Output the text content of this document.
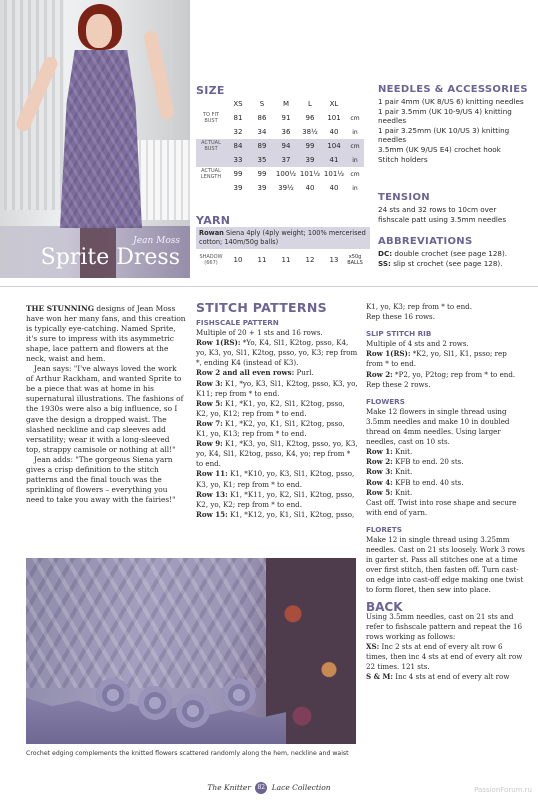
Jean Moss
Sprite Dress
SIZE
	XS	S	M	L	XL	
TO FIT BUST	81	86	91	96	101	cm
	32	34	36	38½	40	in
ACTUAL BUST	84	89	94	99	104	cm
	33	35	37	39	41	in
ACTUAL LENGTH	99	99	100½	101½	101½	cm
	39	39	39½	40	40	in
YARN
Rowan Siena 4ply (4ply weight; 100% mercerised cotton; 140m/50g balls)
SHADOW (667)	10	11	11	12	13	x50g BALLS
NEEDLES & ACCESSORIES
1 pair 4mm (UK 8/US 6) knitting needles
1 pair 3.5mm (UK 10-9/US 4) knitting needles
1 pair 3.25mm (UK 10/US 3) knitting needles
3.5mm (UK 9/US E4) crochet hook
Stitch holders
TENSION
24 sts and 32 rows to 10cm over fishscale patt using 3.5mm needles
ABBREVIATIONS
DC: double crochet (see page 128).
SS: slip st crochet (see page 128).

THE STUNNING designs of Jean Moss have won her many fans, and this creation is typically eye-catching. Named Sprite, it's sure to impress with its asymmetric shape, lace pattern and flowers at the neck, waist and hem.

Jean says: "I've always loved the work of Arthur Rackham, and wanted Sprite to be a piece that was at home in his supernatural illustrations. The fashions of the 1930s were also a big influence, so I gave the design a dropped waist. The slashed neckline and cap sleeves add versatility; wear it with a long-sleeved top, strappy camisole or nothing at all!"

Jean adds: "The gorgeous Siena yarn gives a crisp definition to the stitch patterns and the final touch was the sprinkling of flowers – everything you need to take you away with the fairies!"

STITCH PATTERNS
FISHSCALE PATTERN
Multiple of 20 + 1 sts and 16 rows.
Row 1(RS): *Yo, K4, Sl1, K2tog, psso, K4, yo, K3, yo, Sl1, K2tog, psso, yo, K3; rep from *, ending K4 (instead of K3).
Row 2 and all even rows: Purl.
Row 3: K1, *yo, K3, Sl1, K2tog, psso, K3, yo, K11; rep from * to end.
Row 5: K1, *K1, yo, K2, Sl1, K2tog, psso, K2, yo, K12; rep from * to end.
Row 7: K1, *K2, yo, K1, Sl1, K2tog, psso, K1, yo, K13; rep from * to end.
Row 9: K1, *K3, yo, Sl1, K2tog, psso, yo, K3, yo, K4, Sl1, K2tog, psso, K4, yo; rep from * to end.
Row 11: K1, *K10, yo, K3, Sl1, K2tog, psso, K3, yo, K1; rep from * to end.
Row 13: K1, *K11, yo, K2, Sl1, K2tog, psso, K2, yo, K2; rep from * to end.
Row 15: K1, *K12, yo, K1, Sl1, K2tog, psso,
K1, yo, K3; rep from * to end.
Rep these 16 rows.
SLIP STITCH RIB
Multiple of 4 sts and 2 rows.
Row 1(RS): *K2, yo, Sl1, K1, psso; rep from * to end.
Row 2: *P2, yo, P2tog; rep from * to end.
Rep these 2 rows.
FLOWERS
Make 12 flowers in single thread using 3.5mm needles and make 10 in doubled thread on 4mm needles. Using larger needles, cast on 10 sts.
Row 1: Knit.
Row 2: KFB to end. 20 sts.
Row 3: Knit.
Row 4: KFB to end. 40 sts.
Row 5: Knit.
Cast off. Twist into rose shape and secure with end of yarn.
FLORETS
Make 12 in single thread using 3.25mm needles. Cast on 21 sts loosely. Work 3 rows in garter st. Pass all stitches one at a time over first stitch, then fasten off. Turn cast-on edge into cast-off edge making one twist to form floret, then sew into place.
BACK
Using 3.5mm needles, cast on 21 sts and refer to fishscale pattern and repeat the 16 rows working as follows:
XS: Inc 2 sts at end of every alt row 6 times, then inc 4 sts at end of every alt row 22 times. 121 sts.
S & M: Inc 4 sts at end of every alt row
Crochet edging complements the knitted flowers scattered randomly along the hem, neckline and waist
The Knitter 82 Lace Collection	PassionForum.ru
